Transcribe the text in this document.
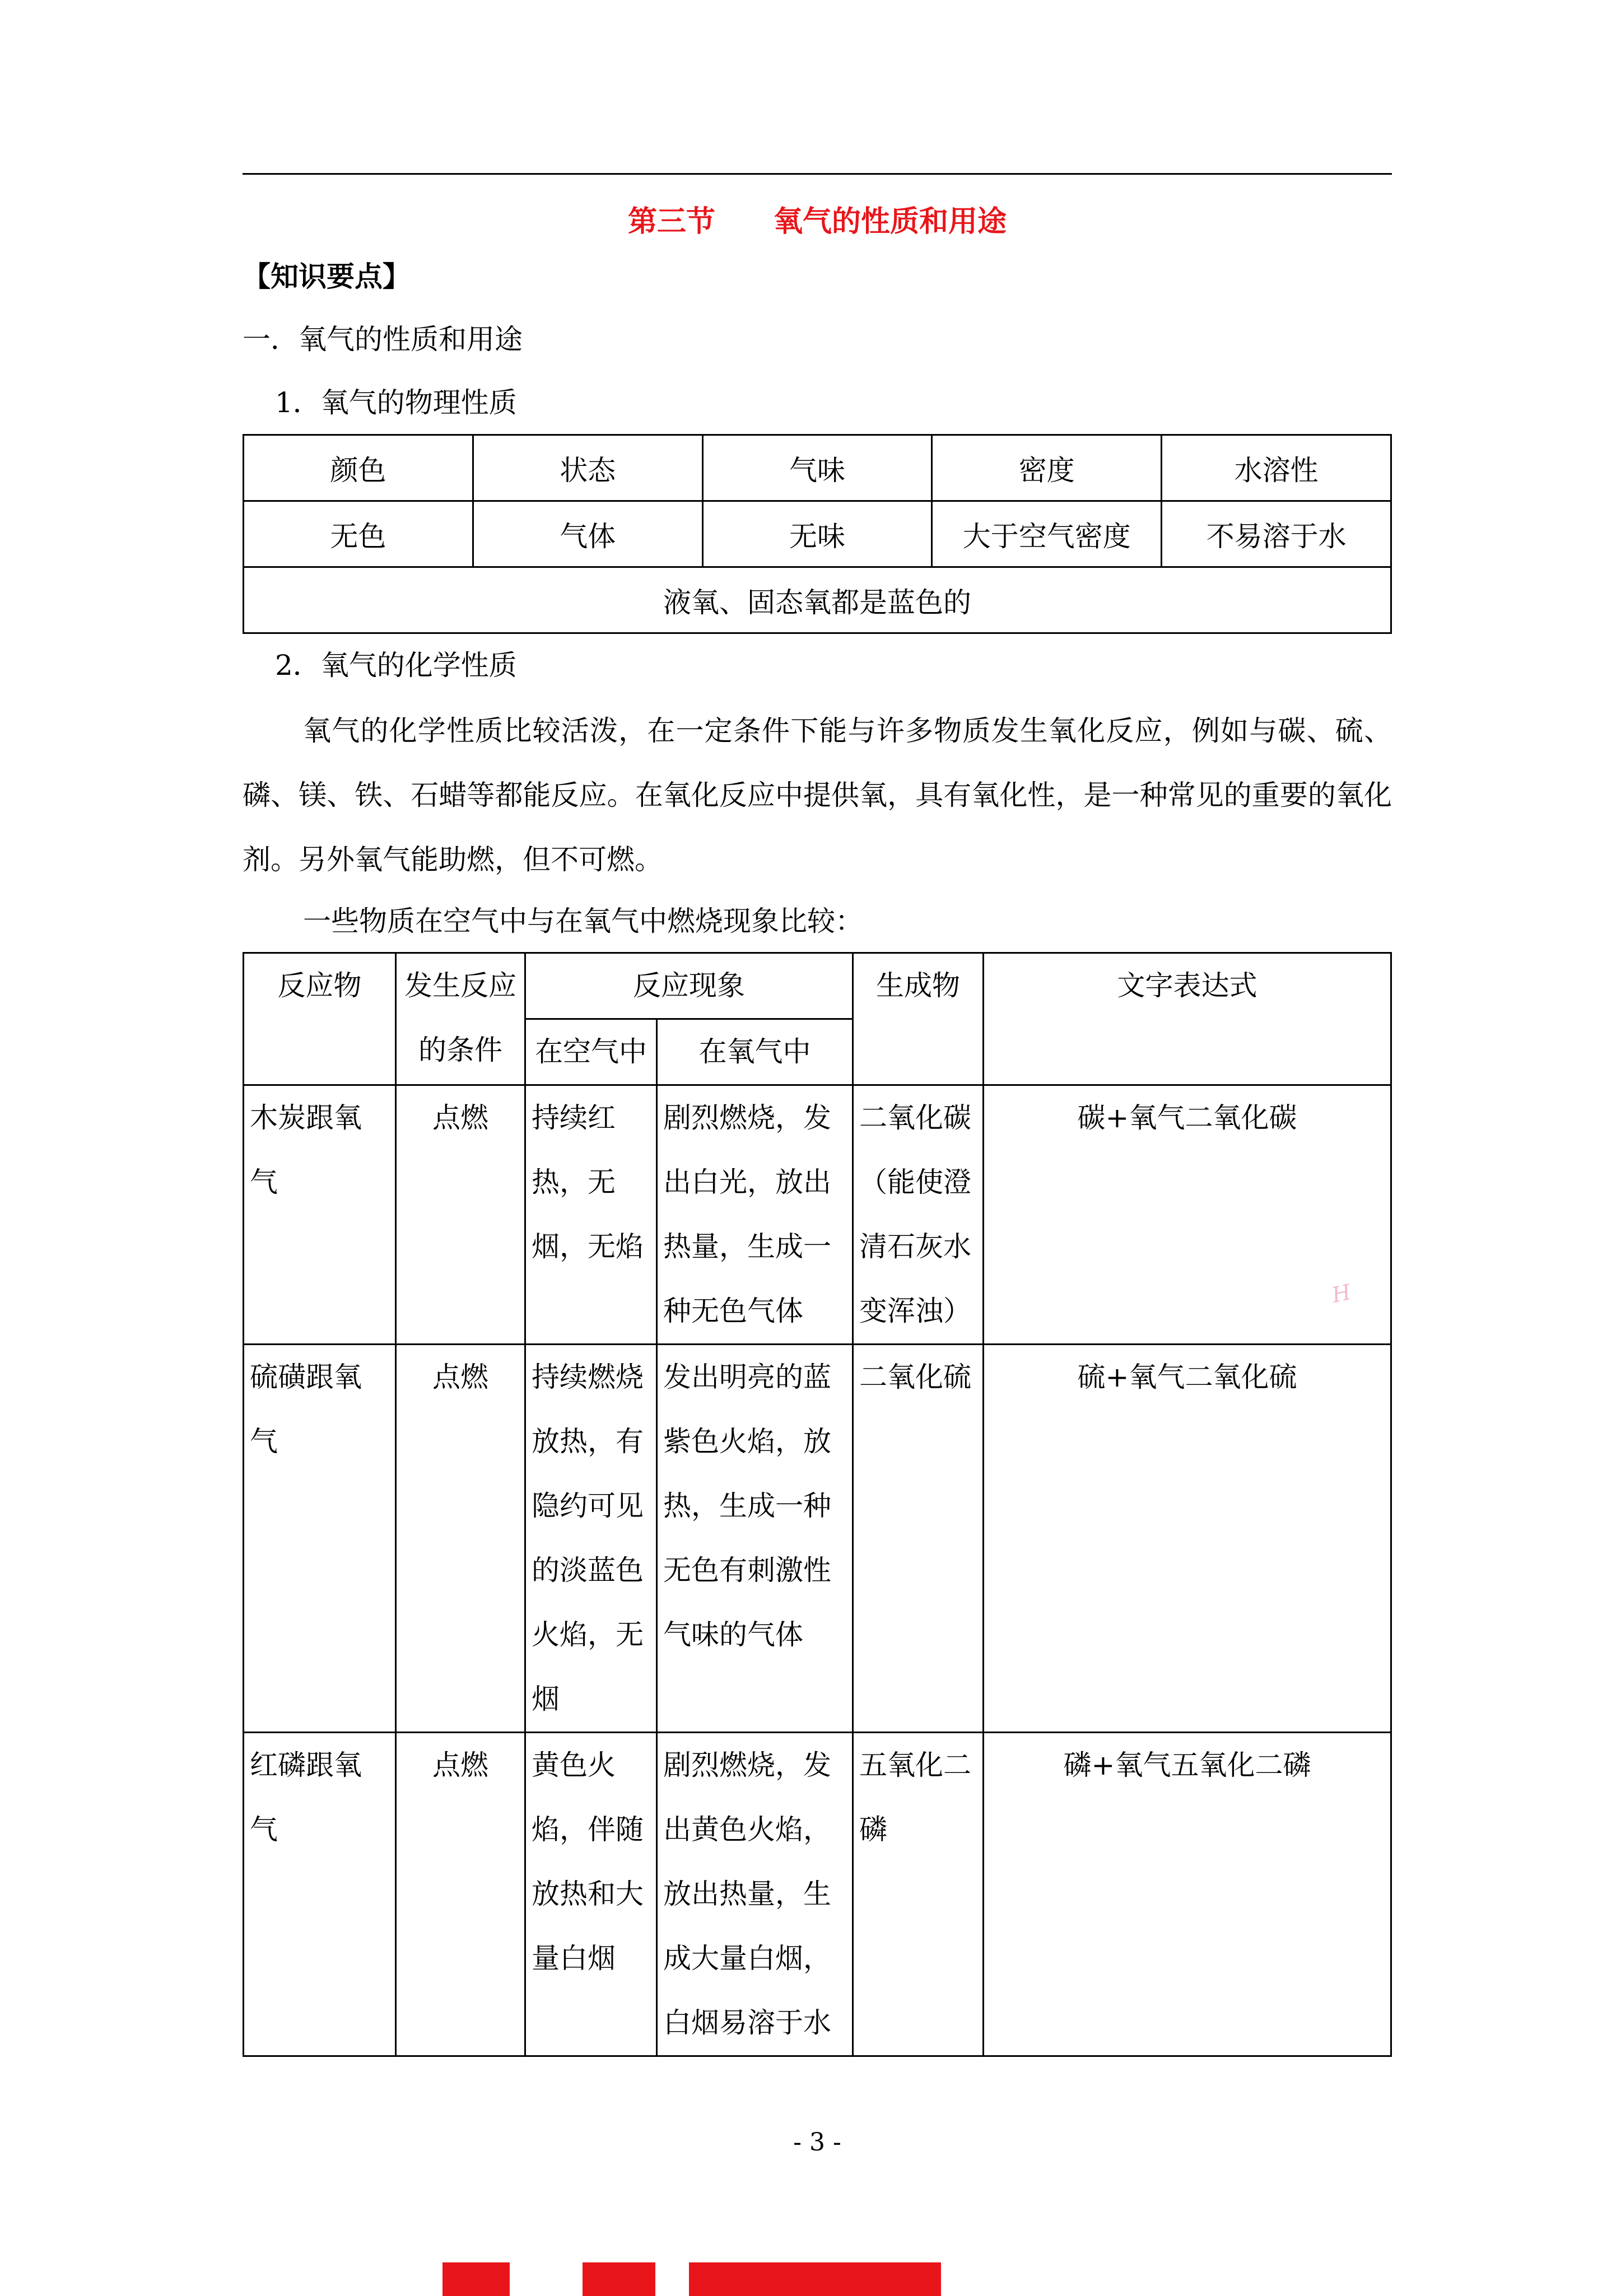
第三节　　氧气的性质和用途
【知识要点】
一．氧气的性质和用途
1．氧气的物理性质
颜色	状态	气味	密度	水溶性
无色	气体	无味	大于空气密度	不易溶于水
液氧、固态氧都是蓝色的				
2．氧气的化学性质
氧气的化学性质比较活泼，在一定条件下能与许多物质发生氧化反应，例如与碳、硫、磷、镁、铁、石蜡等都能反应。在氧化反应中提供氧，具有氧化性，是一种常见的重要的氧化剂。另外氧气能助燃，但不可燃。
一些物质在空气中与在氧气中燃烧现象比较：
反应物	发生反应的条件	反应现象		生成物	文字表达式
		在空气中	在氧气中		
木炭跟氧气	点燃	持续红热，无烟，无焰	剧烈燃烧，发出白光，放出热量，生成一种无色气体	二氧化碳（能使澄清石灰水变浑浊）	碳+氧气二氧化碳
硫磺跟氧气	点燃	持续燃烧放热，有隐约可见的淡蓝色火焰，无烟	发出明亮的蓝紫色火焰，放热，生成一种无色有刺激性气味的气体	二氧化硫	硫+氧气二氧化硫
红磷跟氧气	点燃	黄色火焰，伴随放热和大量白烟	剧烈燃烧，发出黄色火焰，放出热量，生成大量白烟，白烟易溶于水	五氧化二磷	磷+氧气五氧化二磷
H
- 3 -
